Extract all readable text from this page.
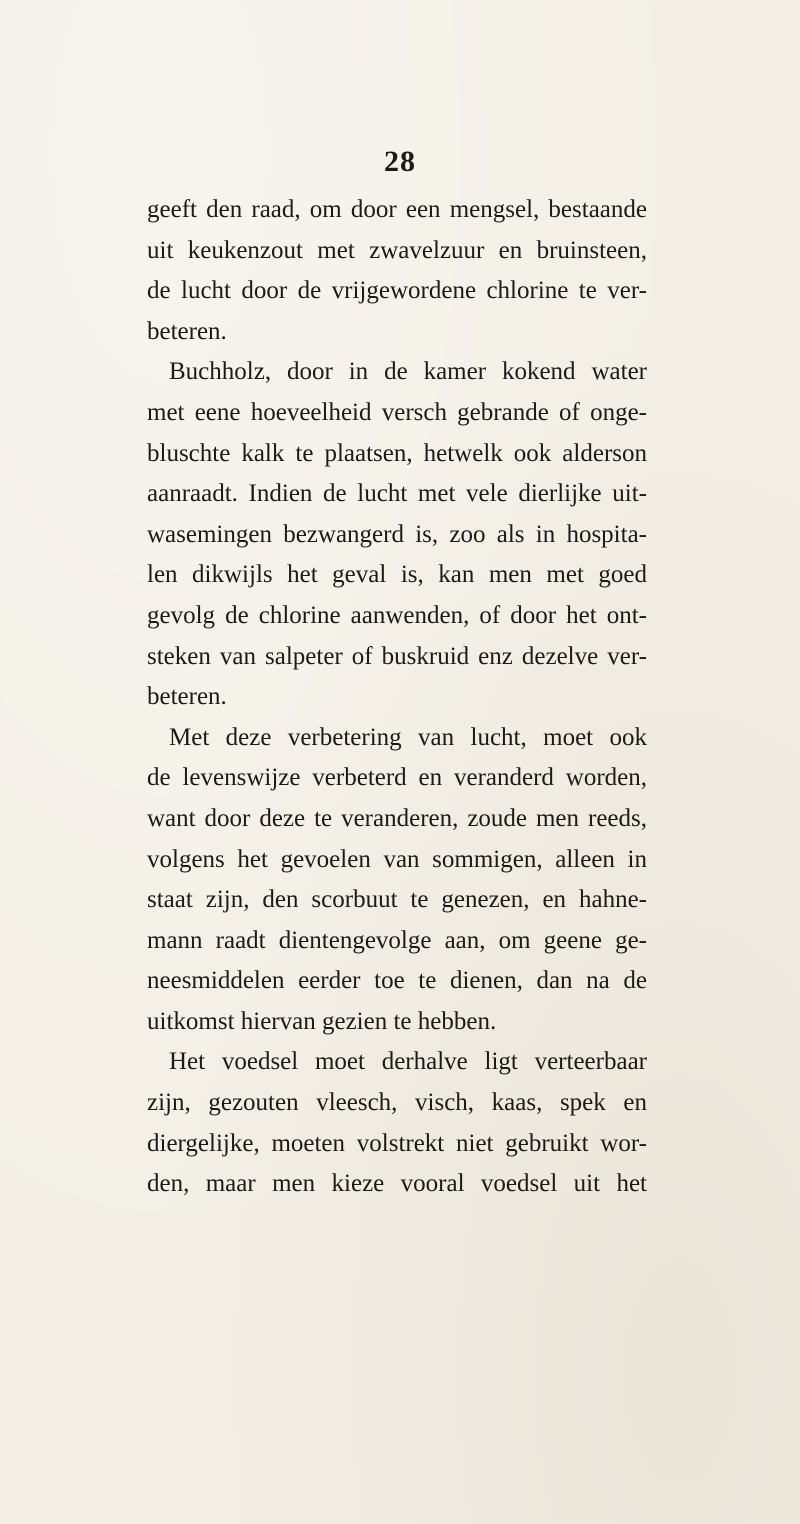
28
geeft den raad, om door een mengsel, bestaande
uit keukenzout met zwavelzuur en bruinsteen,
de lucht door de vrijgewordene chlorine te ver-
beteren.
Buchholz, door in de kamer kokend water
met eene hoeveelheid versch gebrande of onge-
bluschte kalk te plaatsen, hetwelk ook alderson
aanraadt. Indien de lucht met vele dierlijke uit-
wasemingen bezwangerd is, zoo als in hospita-
len dikwijls het geval is, kan men met goed
gevolg de chlorine aanwenden, of door het ont-
steken van salpeter of buskruid enz dezelve ver-
beteren.
Met deze verbetering van lucht, moet ook
de levenswijze verbeterd en veranderd worden,
want door deze te veranderen, zoude men reeds,
volgens het gevoelen van sommigen, alleen in
staat zijn, den scorbuut te genezen, en hahne-
mann raadt dientengevolge aan, om geene ge-
neesmiddelen eerder toe te dienen, dan na de
uitkomst hiervan gezien te hebben.
Het voedsel moet derhalve ligt verteerbaar
zijn, gezouten vleesch, visch, kaas, spek en
diergelijke, moeten volstrekt niet gebruikt wor-
den, maar men kieze vooral voedsel uit het
